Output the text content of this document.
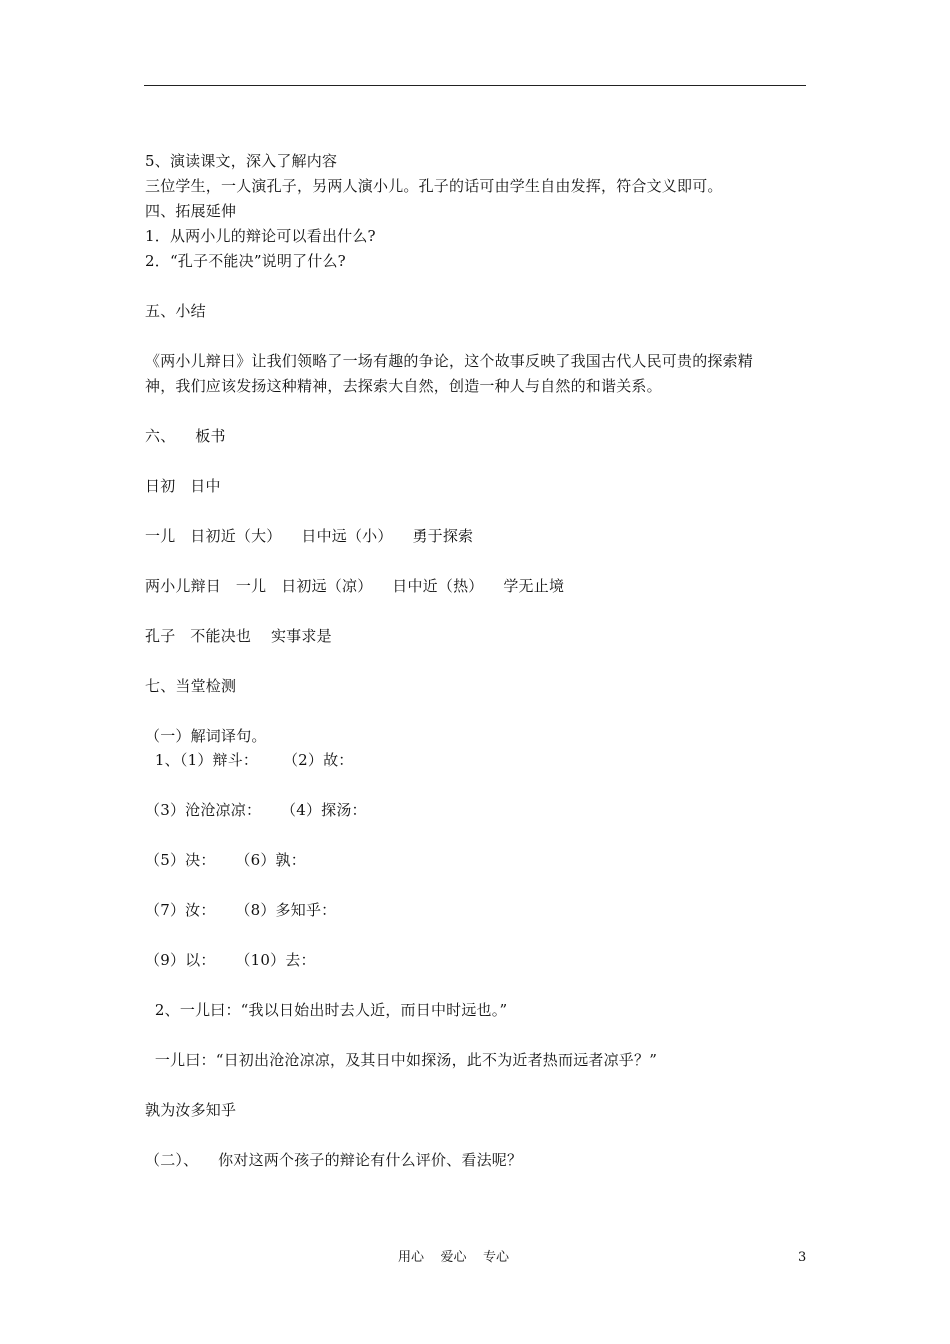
5、演读课文，深入了解内容
三位学生，一人演孔子，另两人演小儿。孔子的话可由学生自由发挥，符合文义即可。
四、拓展延伸
1．从两小儿的辩论可以看出什么?
2．“孔子不能决”说明了什么?
五、小结
《两小儿辩日》让我们领略了一场有趣的争论，这个故事反映了我国古代人民可贵的探索精
神，我们应该发扬这种精神，去探索大自然，创造一种人与自然的和谐关系。
六、    板书
日初   日中
一儿   日初近（大）    日中远（小）    勇于探索
两小儿辩日   一儿   日初远（凉）    日中近（热）    学无止境
孔子   不能决也    实事求是
七、当堂检测
（一）解词译句。
1、（1）辩斗：     （2）故：
（3）沧沧凉凉：    （4）探汤：
（5）决：    （6）孰：
（7）汝：    （8）多知乎：
（9）以：    （10）去：
2、一儿曰：“我以日始出时去人近，而日中时远也。”
一儿曰：“日初出沧沧凉凉，及其日中如探汤，此不为近者热而远者凉乎？”
孰为汝多知乎
（二）、    你对这两个孩子的辩论有什么评价、看法呢？
用心    爱心    专心	3
